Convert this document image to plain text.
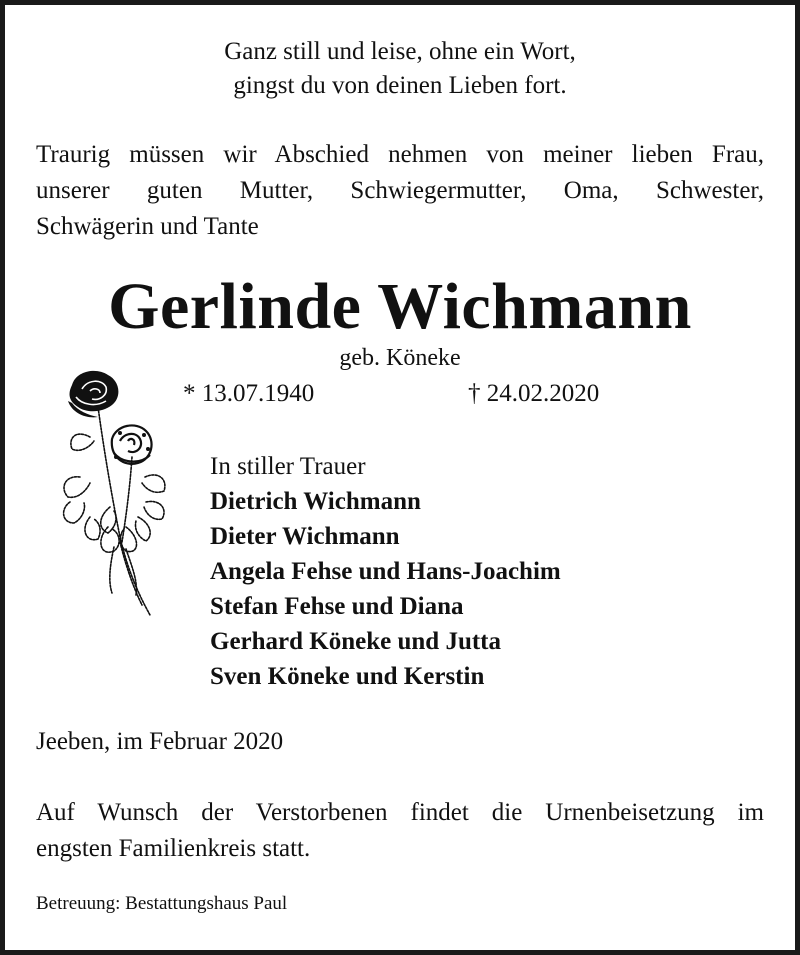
Ganz still und leise, ohne ein Wort,
gingst du von deinen Lieben fort.
Traurig müssen wir Abschied nehmen von meiner lieben Frau,
unserer guten Mutter, Schwiegermutter, Oma, Schwester,
Schwägerin und Tante
Gerlinde Wichmann
geb. Köneke
* 13.07.1940	† 24.02.2020
In stiller Trauer
Dietrich Wichmann
Dieter Wichmann
Angela Fehse und Hans-Joachim
Stefan Fehse und Diana
Gerhard Köneke und Jutta
Sven Köneke und Kerstin
Jeeben, im Februar 2020
Auf Wunsch der Verstorbenen findet die Urnenbeisetzung im
engsten Familienkreis statt.
Betreuung: Bestattungshaus Paul
